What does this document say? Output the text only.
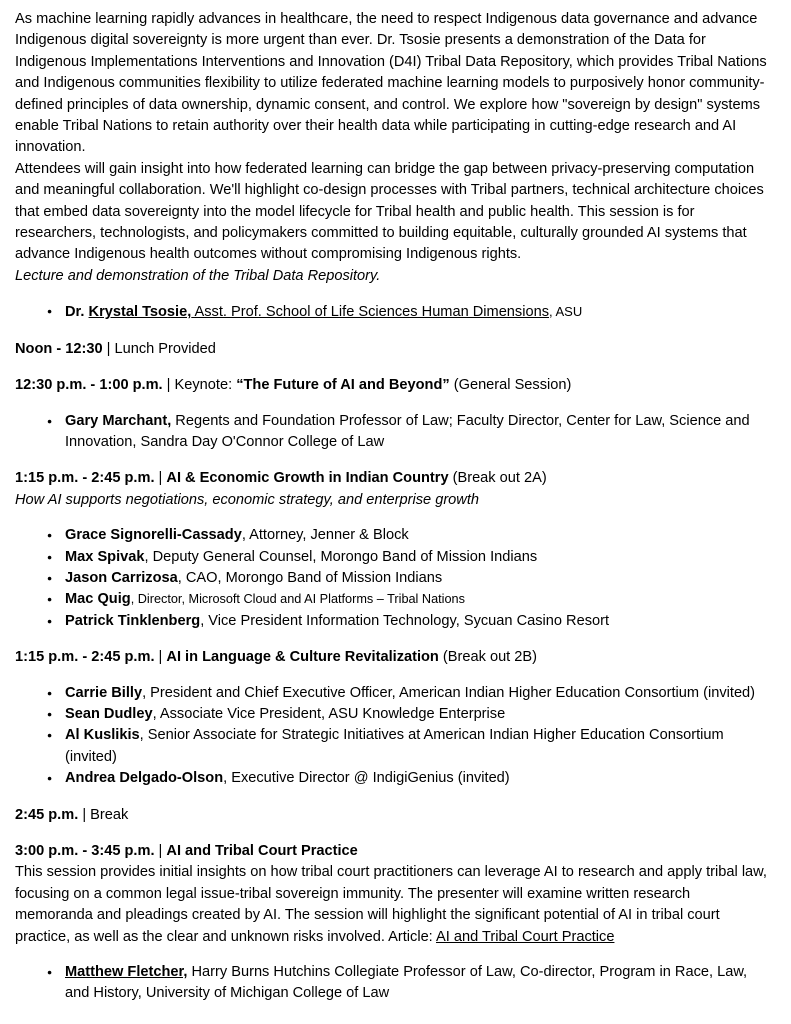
As machine learning rapidly advances in healthcare, the need to respect Indigenous data governance and advance Indigenous digital sovereignty is more urgent than ever. Dr. Tsosie presents a demonstration of the Data for Indigenous Implementations Interventions and Innovation (D4I) Tribal Data Repository, which provides Tribal Nations and Indigenous communities flexibility to utilize federated machine learning models to purposively honor community-defined principles of data ownership, dynamic consent, and control. We explore how "sovereign by design" systems enable Tribal Nations to retain authority over their health data while participating in cutting-edge research and AI innovation.

Attendees will gain insight into how federated learning can bridge the gap between privacy-preserving computation and meaningful collaboration. We'll highlight co-design processes with Tribal partners, technical architecture choices that embed data sovereignty into the model lifecycle for Tribal health and public health. This session is for researchers, technologists, and policymakers committed to building equitable, culturally grounded AI systems that advance Indigenous health outcomes without compromising Indigenous rights.

Lecture and demonstration of the Tribal Data Repository.

● Dr. Krystal Tsosie, Asst. Prof. School of Life Sciences Human Dimensions, ASU

Noon - 12:30 | Lunch Provided

12:30 p.m. - 1:00 p.m. | Keynote: “The Future of AI and Beyond” (General Session)

● Gary Marchant, Regents and Foundation Professor of Law; Faculty Director, Center for Law, Science and Innovation, Sandra Day O'Connor College of Law

1:15 p.m. - 2:45 p.m. | AI & Economic Growth in Indian Country (Break out 2A)

How AI supports negotiations, economic strategy, and enterprise growth

● Grace Signorelli-Cassady, Attorney, Jenner & Block
● Max Spivak, Deputy General Counsel, Morongo Band of Mission Indians
● Jason Carrizosa, CAO, Morongo Band of Mission Indians
● Mac Quig, Director, Microsoft Cloud and AI Platforms – Tribal Nations
● Patrick Tinklenberg, Vice President Information Technology, Sycuan Casino Resort

1:15 p.m. - 2:45 p.m. | AI in Language & Culture Revitalization (Break out 2B)

● Carrie Billy, President and Chief Executive Officer, American Indian Higher Education Consortium (invited)
● Sean Dudley, Associate Vice President, ASU Knowledge Enterprise
● Al Kuslikis, Senior Associate for Strategic Initiatives at American Indian Higher Education Consortium (invited)
● Andrea Delgado-Olson, Executive Director @ IndigiGenius (invited)

2:45 p.m. | Break

3:00 p.m. - 3:45 p.m. | AI and Tribal Court Practice

This session provides initial insights on how tribal court practitioners can leverage AI to research and apply tribal law, focusing on a common legal issue-tribal sovereign immunity. The presenter will examine written research memoranda and pleadings created by AI. The session will highlight the significant potential of AI in tribal court practice, as well as the clear and unknown risks involved. Article: AI and Tribal Court Practice

● Matthew Fletcher, Harry Burns Hutchins Collegiate Professor of Law, Co-director, Program in Race, Law, and History, University of Michigan College of Law
